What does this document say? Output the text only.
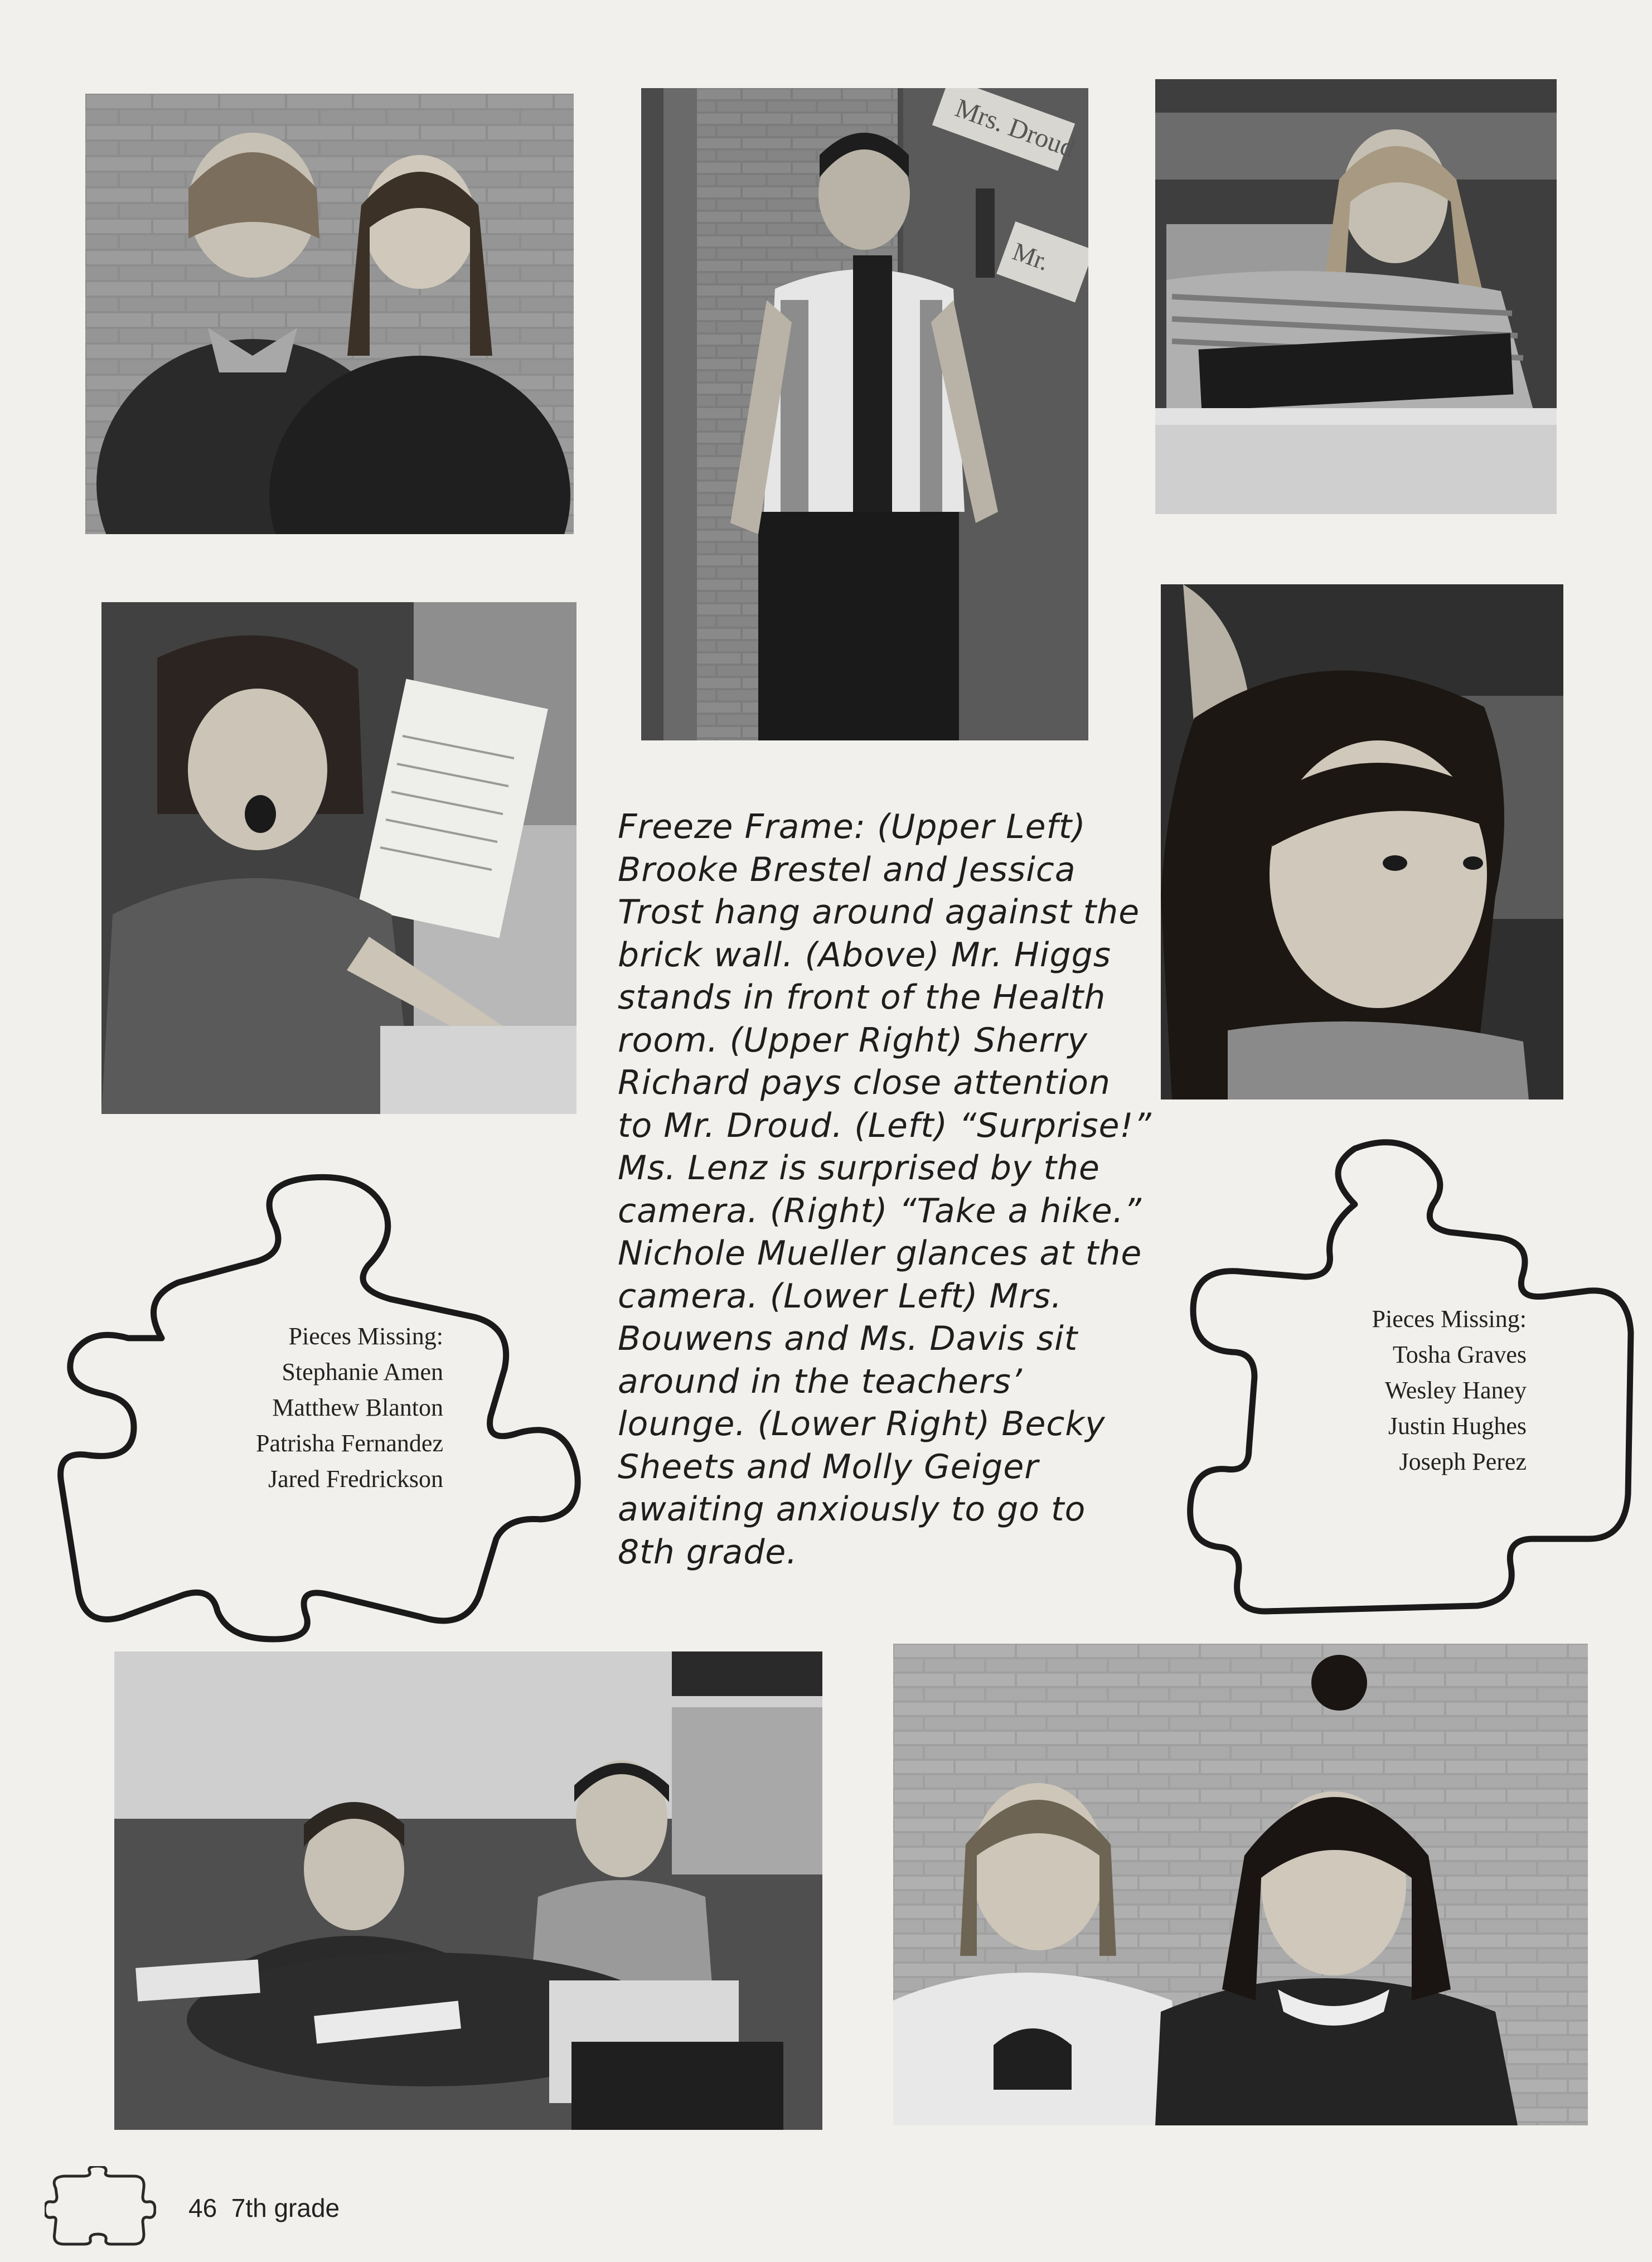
Mrs. Droud
Mr.
Freeze Frame: (Upper Left)
Brooke Brestel and Jessica
Trost hang around against the
brick wall. (Above) Mr. Higgs
stands in front of the Health
room. (Upper Right) Sherry
Richard pays close attention
to Mr. Droud. (Left) “Surprise!”
Ms. Lenz is surprised by the
camera. (Right) “Take a hike.”
Nichole Mueller glances at the
camera. (Lower Left) Mrs.
Bouwens and Ms. Davis sit
around in the teachers’
lounge. (Lower Right) Becky
Sheets and Molly Geiger
awaiting anxiously to go to
8th grade.
Pieces Missing:
Stephanie Amen
Matthew Blanton
Patrisha Fernandez
Jared Fredrickson
Pieces Missing:
Tosha Graves
Wesley Haney
Justin Hughes
Joseph Perez
46 7th grade
